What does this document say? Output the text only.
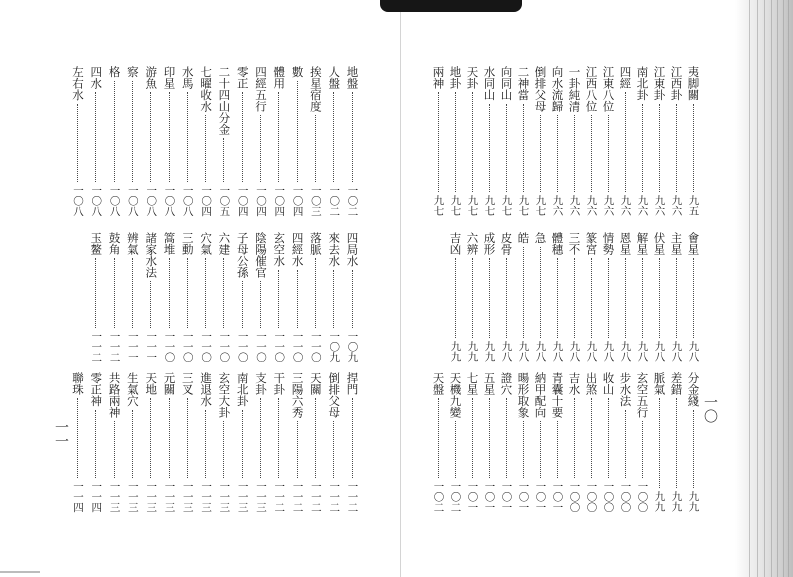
一〇
一一
夷脚關
九五
江西卦
九六
江東卦
九六
南北卦
九六
四經
九六
江東八位
九六
江西八位
九六
一卦純清
九六
向水流歸
九六
倒排父母
九七
二神當
九七
向同山
九七
水同山
九七
天卦
九七
地卦
九七
兩神
九七
會星
九八
主星
九八
伏星
九八
解星
九八
恩星
九八
情勢
九八
篆宮
九八
三不
九八
體穗
九八
急
九八
皓
九八
皮骨
九八
成形
九九
六辨
九九
吉凶
九九
分金綫
九九
差錯
九九
脈氣
九九
玄空五行
一〇〇
步水法
一〇〇
收山
一〇〇
出煞
一〇〇
吉水
一〇〇
青囊十要
一〇一
納甲配向
一〇一
暘形取象
一〇一
證穴
一〇一
五星
一〇一
七星
一〇一
天機九變
一〇二
天盤
一〇二
地盤
一〇二
人盤
一〇二
挨星宿度
一〇三
數
一〇四
體用
一〇四
四經五行
一〇四
零正
一〇四
二十四山分金
一〇五
七曜收水
一〇四
水馬
一〇八
印星
一〇八
游魚
一〇八
察
一〇八
格
一〇八
四水
一〇八
左右水
一〇八
四局水
一〇九
來去水
一〇九
落脈
一一〇
四經水
一一〇
玄空水
一一〇
陰陽催官
一一〇
子母公孫
一一〇
六建
一一〇
穴氣
一一〇
三動
一一〇
篙堆
一一〇
諸家水法
一一一
辨氣
一一一
鼓角
一一二
玉鳌
一一二
捍門
一一二
倒排父母
一一二
天關
一一二
三陽六秀
一一二
干卦
一一二
支卦
一一三
南北卦
一一三
玄空大卦
一一三
進退水
一一三
三叉
一一三
元關
一一三
天地
一一三
生氣穴
一一三
共路兩神
一一三
零正神
一一四
聯珠
一一四
